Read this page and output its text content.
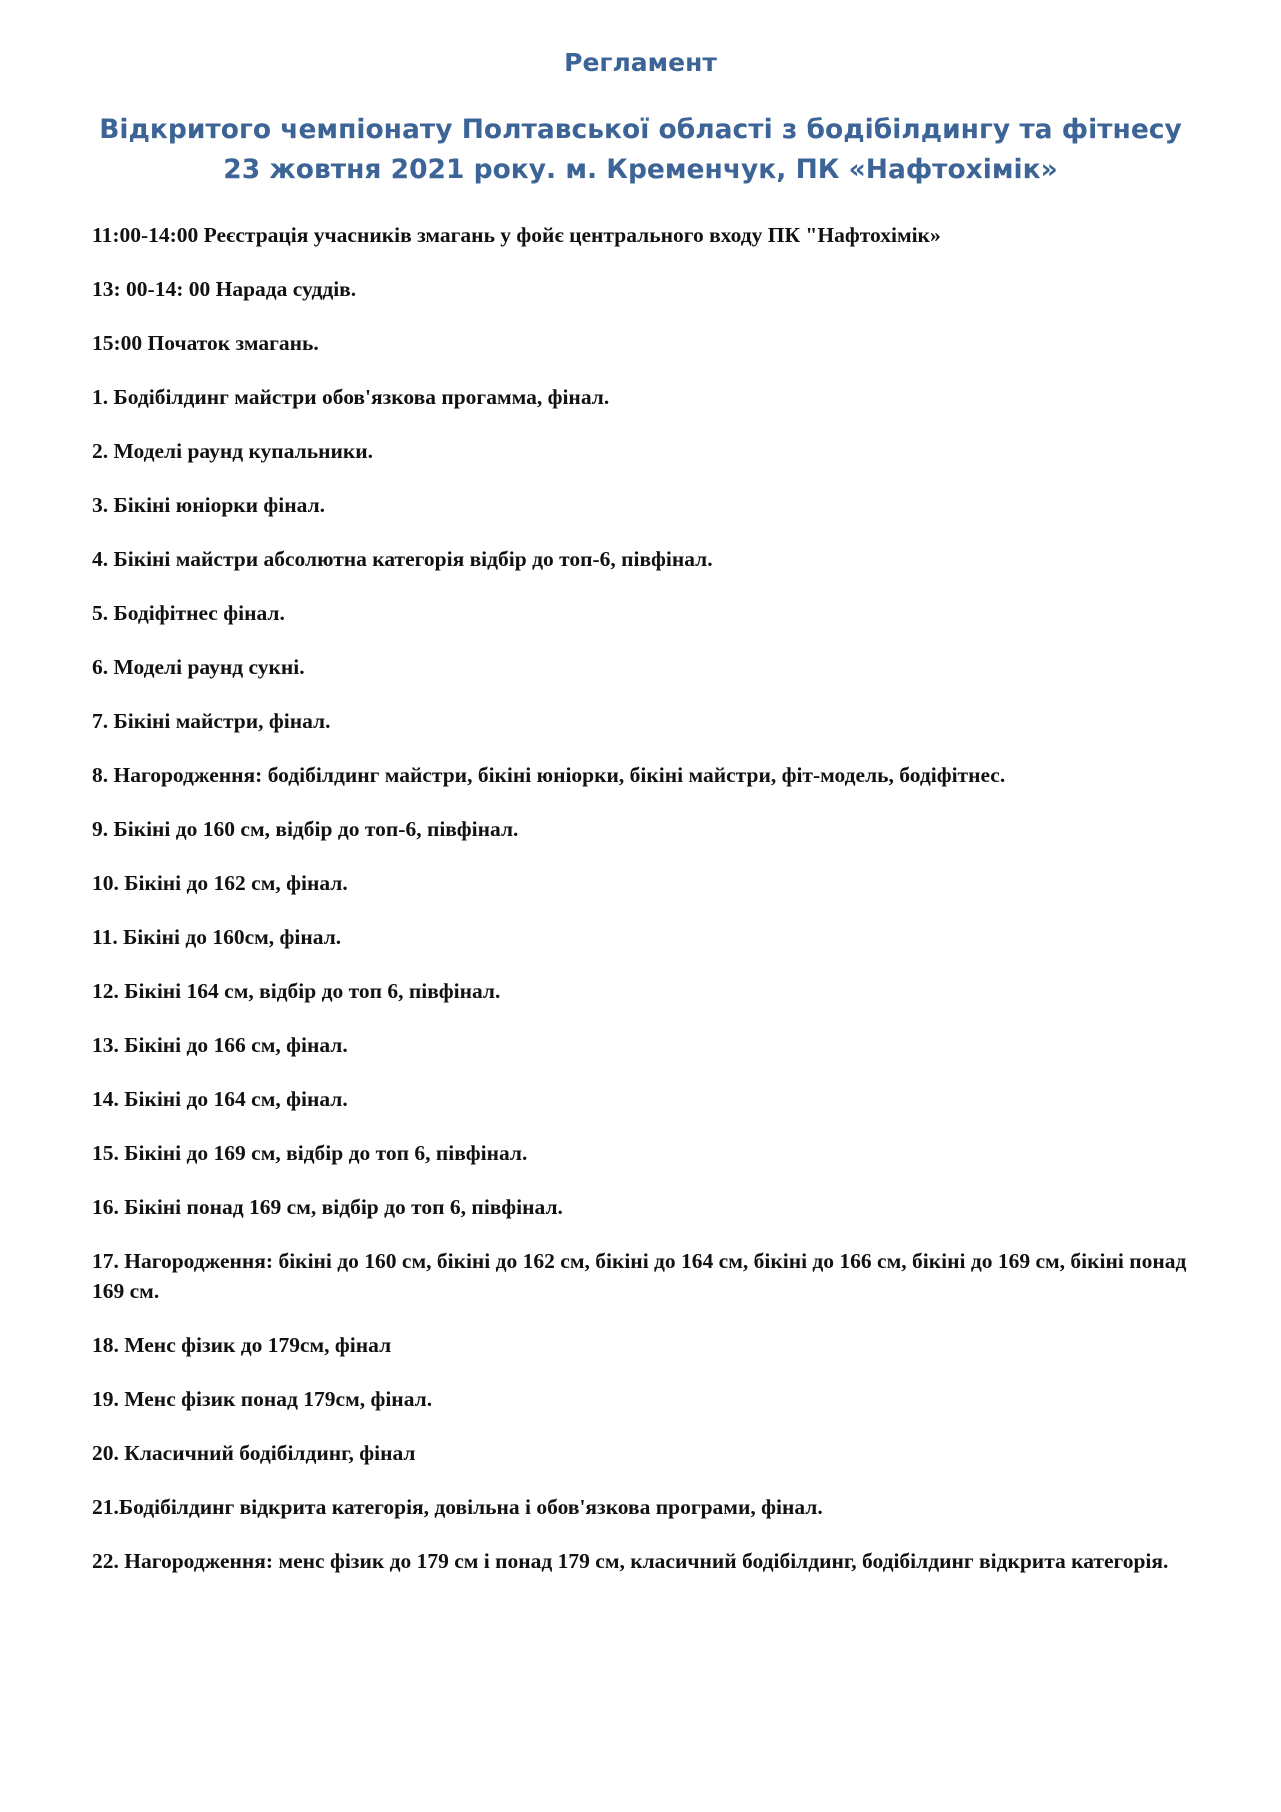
Регламент
Відкритого чемпіонату Полтавської області з бодібілдингу та фітнесу
23 жовтня 2021 року. м. Кременчук, ПК «Нафтохімік»

11:00-14:00 Реєстрація учасників змагань у фойє центрального входу ПК "Нафтохімік»

13: 00-14: 00 Нарада суддів.

15:00 Початок змагань.

1. Бодібілдинг майстри обов'язкова прогамма, фінал.

2. Моделі раунд купальники.

3. Бікіні юніорки фінал.

4. Бікіні майстри абсолютна категорія відбір до топ-6, півфінал.

5. Бодіфітнес фінал.

6. Моделі раунд сукні.

7. Бікіні майстри, фінал.

8. Нагородження: бодібілдинг майстри, бікіні юніорки, бікіні майстри, фіт-модель, бодіфітнес.

9. Бікіні до 160 см, відбір до топ-6, півфінал.

10. Бікіні до 162 см, фінал.

11. Бікіні до 160см, фінал.

12. Бікіні 164 см, відбір до топ 6, півфінал.

13. Бікіні до 166 см, фінал.

14. Бікіні до 164 см, фінал.

15. Бікіні до 169 см, відбір до топ 6, півфінал.

16. Бікіні понад 169 см, відбір до топ 6, півфінал.

17. Нагородження: бікіні до 160 см, бікіні до 162 см, бікіні до 164 см, бікіні до 166 см, бікіні до 169 см, бікіні понад 169 см.

18. Менс фізик до 179см, фінал

19. Менс фізик понад 179см, фінал.

20. Класичний бодібілдинг, фінал

21.Бодібілдинг відкрита категорія, довільна і обов'язкова програми, фінал.

22. Нагородження: менс фізик до 179 см і понад 179 см, класичний бодібілдинг, бодібілдинг відкрита категорія.
